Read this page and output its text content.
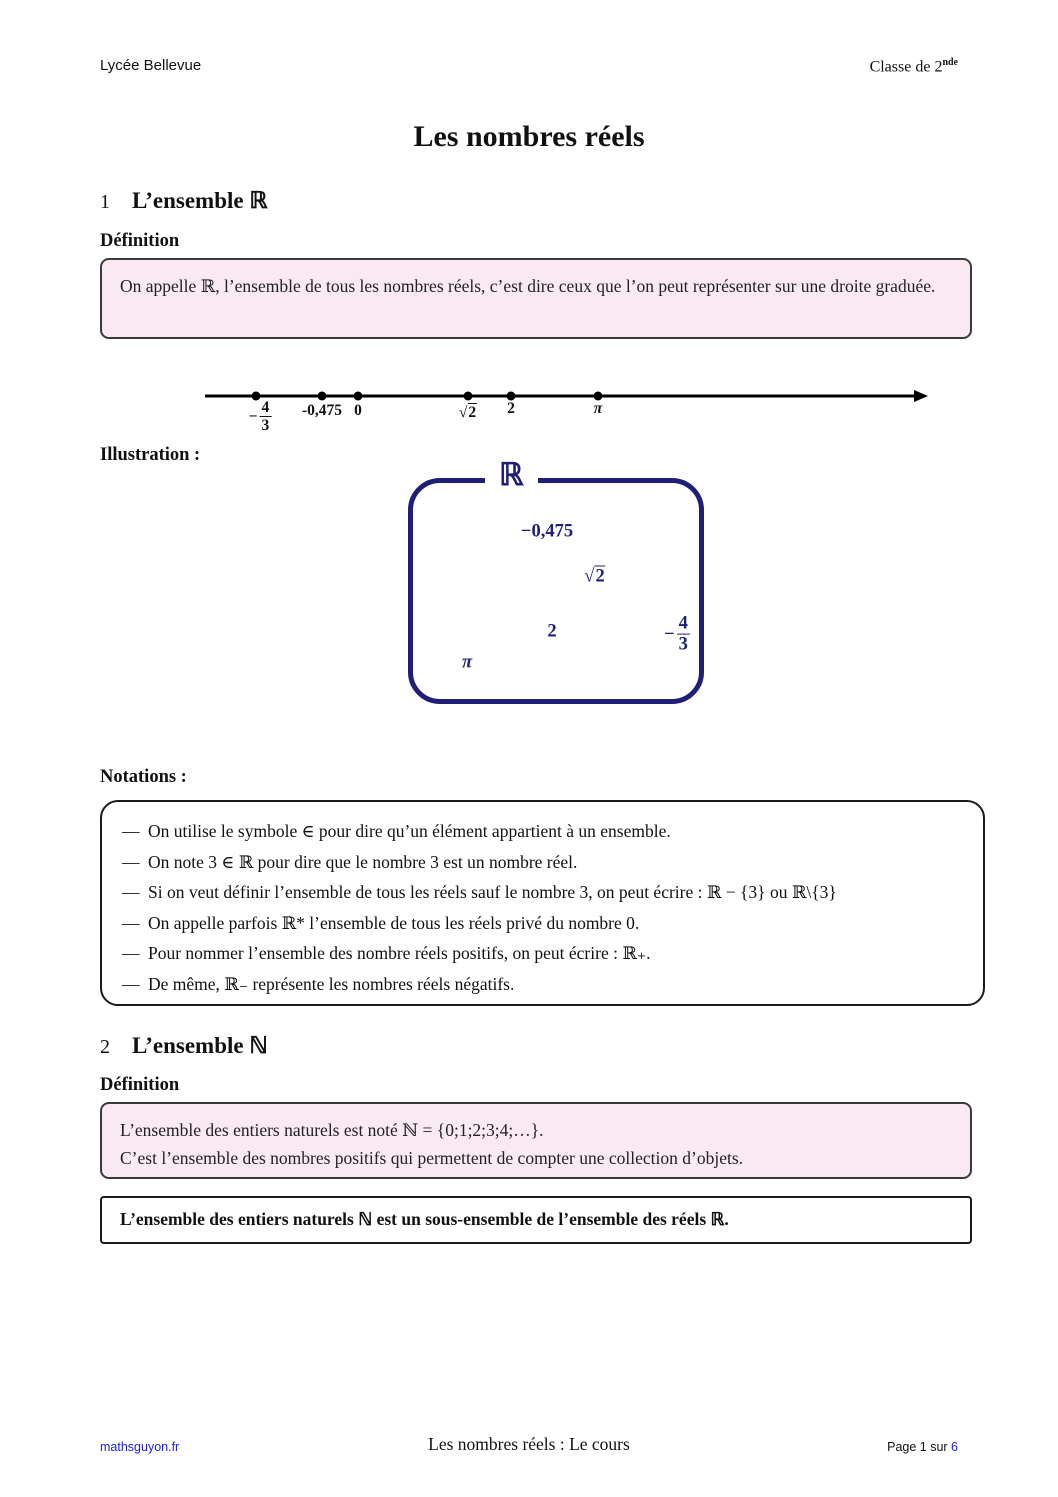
Lycée Bellevue	Classe de 2nde
Les nombres réels
1 L’ensemble ℝ
Définition
On appelle ℝ, l’ensemble de tous les nombres réels, c’est dire ceux que l’on peut représenter sur une droite graduée.
− $\frac{4}{3} -0,475$ 0	√2 2	π
Illustration :
ℝ
−0,475
√2
2	− $\frac{4}{3}$
π
Notations :
— On utilise le symbole ∈ pour dire qu’un élément appartient à un ensemble.
— On note 3 ∈ ℝ pour dire que le nombre 3 est un nombre réel.
— Si on veut définir l’ensemble de tous les réels sauf le nombre 3, on peut écrire : ℝ − {3} ou ℝ\{3}
— On appelle parfois ℝ* l’ensemble de tous les réels privé du nombre 0.
— Pour nommer l’ensemble des nombre réels positifs, on peut écrire : ℝ₊.
— De même, ℝ₋ représente les nombres réels négatifs.
2 L’ensemble ℕ
Définition
L’ensemble des entiers naturels est noté ℕ = {0;1;2;3;4;…}.
C’est l’ensemble des nombres positifs qui permettent de compter une collection d’objets.
L’ensemble des entiers naturels ℕ est un sous-ensemble de l’ensemble des réels ℝ.
mathsguyon.fr	Les nombres réels : Le cours	Page 1 sur 6
